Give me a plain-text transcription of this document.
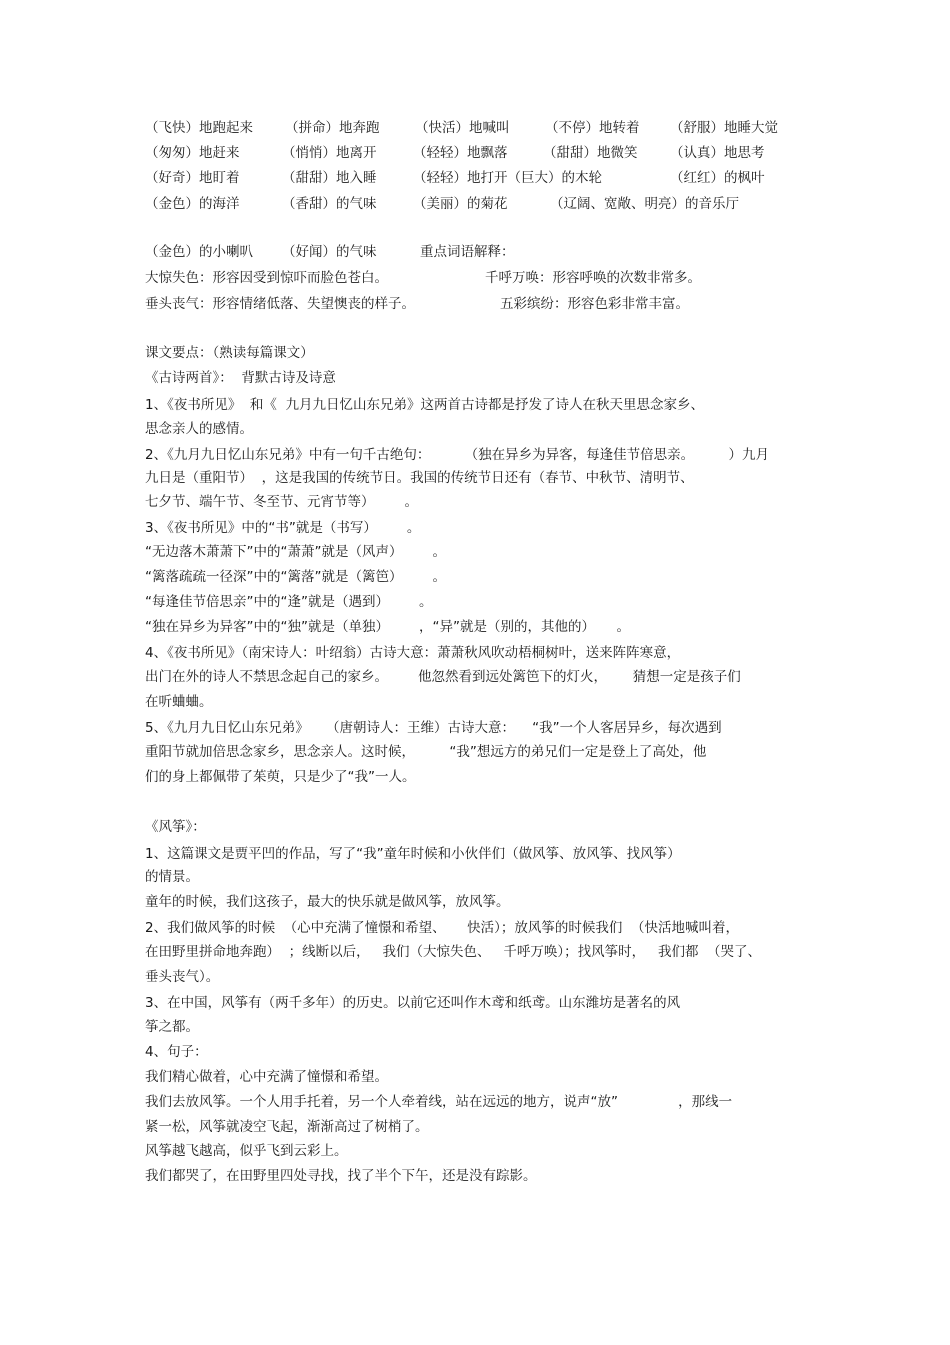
（飞快）地跑起来 （拼命）地奔跑	（快活）地喊叫	（不停）地转着 （舒服）地睡大觉
（匆匆）地赶来	（悄悄）地离开	（轻轻）地飘落	（甜甜）地微笑 （认真）地思考
（好奇）地盯着	（甜甜）地入睡	（轻轻）地打开（巨大）的木轮	（红红）的枫叶
（金色）的海洋	（香甜）的气味	（美丽）的菊花	（辽阔、宽敞、明亮）的音乐厅
（金色）的小喇叭 （好闻）的气味	重点词语解释：
大惊失色：形容因受到惊吓而脸色苍白。	千呼万唤：形容呼唤的次数非常多。
垂头丧气：形容情绪低落、失望懊丧的样子。	五彩缤纷：形容色彩非常丰富。
课文要点：（熟读每篇课文）
《古诗两首》：  背默古诗及诗意
1、《夜书所见》  和《  九月九日忆山东兄弟》这两首古诗都是抒发了诗人在秋天里思念家乡、
思念亲人的感情。
2、《九月九日忆山东兄弟》中有一句千古绝句：        （独在异乡为异客，每逢佳节倍思亲。        ）九月
九日是（重阳节）  ，这是我国的传统节日。我国的传统节日还有（春节、中秋节、清明节、
七夕节、端午节、冬至节、元宵节等）       。
3、《夜书所见》中的“书”就是（书写）       。
“无边落木萧萧下”中的“萧萧”就是（风声）       。
“篱落疏疏一径深”中的“篱落”就是（篱笆）       。
“每逢佳节倍思亲”中的“逢”就是（遇到）       。
“独在异乡为异客”中的“独”就是（单独）       ，“异”就是（别的，其他的）     。
4、《夜书所见》（南宋诗人：叶绍翁）古诗大意：萧萧秋风吹动梧桐树叶，送来阵阵寒意，
出门在外的诗人不禁思念起自己的家乡。       他忽然看到远处篱笆下的灯火，      猜想一定是孩子们
在听蛐蛐。
5、《九月九日忆山东兄弟》    （唐朝诗人：王维）古诗大意：    “我”一个人客居异乡，每次遇到
重阳节就加倍思念家乡，思念亲人。这时候，        “我”想远方的弟兄们一定是登上了高处，他
们的身上都佩带了茱萸，只是少了“我”一人。
《风筝》：
1、这篇课文是贾平凹的作品，写了“我”童年时候和小伙伴们（做风筝、放风筝、找风筝）
的情景。
童年的时候，我们这孩子，最大的快乐就是做风筝，放风筝。
2、我们做风筝的时候  （心中充满了憧憬和希望、     快活）；放风筝的时候我们  （快活地喊叫着，
在田野里拼命地奔跑）  ；线断以后，   我们（大惊失色、   千呼万唤）；找风筝时，   我们都  （哭了、
垂头丧气）。
3、在中国，风筝有（两千多年）的历史。以前它还叫作木鸢和纸鸢。山东潍坊是著名的风
筝之都。
4、句子：
我们精心做着，心中充满了憧憬和希望。
我们去放风筝。一个人用手托着，另一个人牵着线，站在远远的地方，说声“放”              ，那线一
紧一松，风筝就凌空飞起，渐渐高过了树梢了。
风筝越飞越高，似乎飞到云彩上。
我们都哭了，在田野里四处寻找，找了半个下午，还是没有踪影。
